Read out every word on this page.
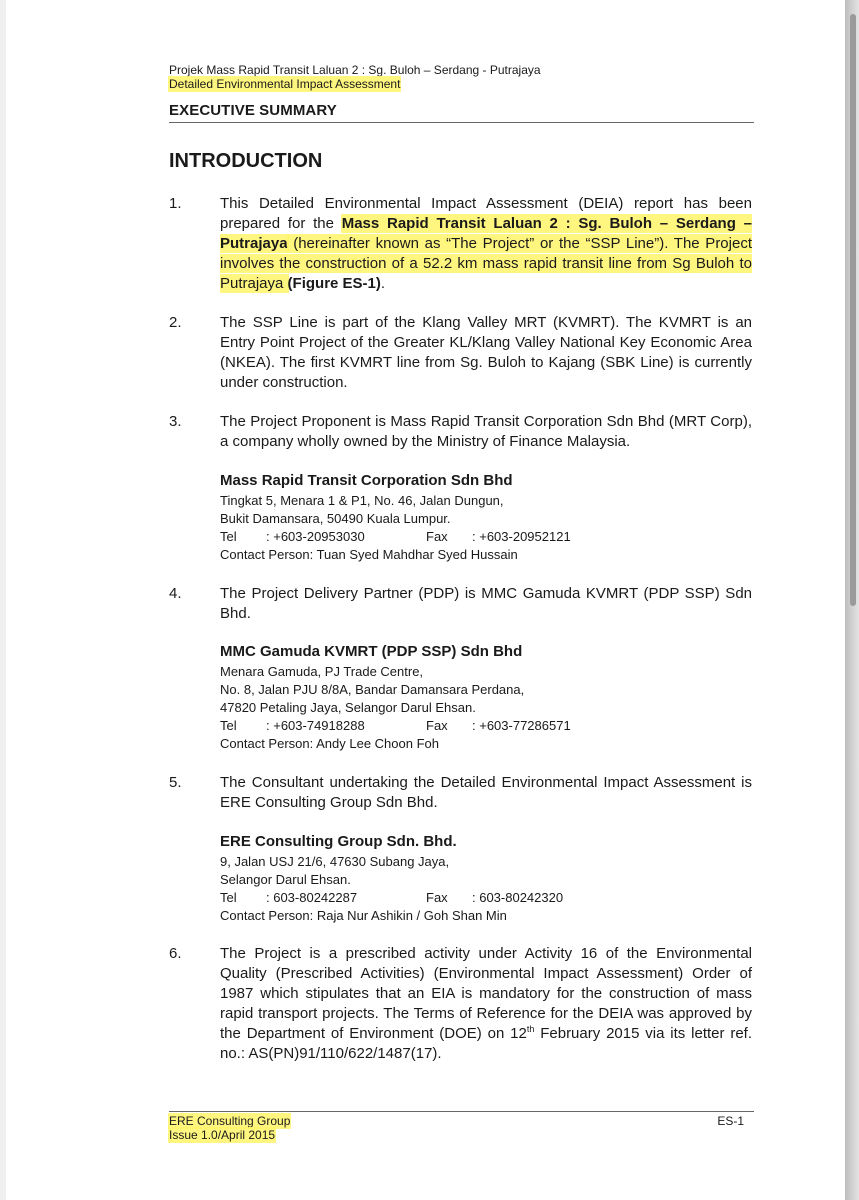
Projek Mass Rapid Transit Laluan 2 : Sg. Buloh – Serdang - Putrajaya
Detailed Environmental Impact Assessment
EXECUTIVE SUMMARY
INTRODUCTION
1.	This Detailed Environmental Impact Assessment (DEIA) report has been prepared for the Mass Rapid Transit Laluan 2 : Sg. Buloh – Serdang – Putrajaya (hereinafter known as “The Project” or the “SSP Line”). The Project involves the construction of a 52.2 km mass rapid transit line from Sg Buloh to Putrajaya (Figure ES-1).
2.	The SSP Line is part of the Klang Valley MRT (KVMRT). The KVMRT is an Entry Point Project of the Greater KL/Klang Valley National Key Economic Area (NKEA). The first KVMRT line from Sg. Buloh to Kajang (SBK Line) is currently under construction.
3.	The Project Proponent is Mass Rapid Transit Corporation Sdn Bhd (MRT Corp), a company wholly owned by the Ministry of Finance Malaysia.
Mass Rapid Transit Corporation Sdn Bhd
Tingkat 5, Menara 1 & P1, No. 46, Jalan Dungun,
Bukit Damansara, 50490 Kuala Lumpur.
Tel : +603-20953030	Fax : +603-20952121
Contact Person: Tuan Syed Mahdhar Syed Hussain
4.	The Project Delivery Partner (PDP) is MMC Gamuda KVMRT (PDP SSP) Sdn Bhd.
MMC Gamuda KVMRT (PDP SSP) Sdn Bhd
Menara Gamuda, PJ Trade Centre,
No. 8, Jalan PJU 8/8A, Bandar Damansara Perdana,
47820 Petaling Jaya, Selangor Darul Ehsan.
Tel : +603-74918288	Fax : +603-77286571
Contact Person: Andy Lee Choon Foh
5.	The Consultant undertaking the Detailed Environmental Impact Assessment is ERE Consulting Group Sdn Bhd.
ERE Consulting Group Sdn. Bhd.
9, Jalan USJ 21/6, 47630 Subang Jaya,
Selangor Darul Ehsan.
Tel : 603-80242287	Fax : 603-80242320
Contact Person: Raja Nur Ashikin / Goh Shan Min
6.	The Project is a prescribed activity under Activity 16 of the Environmental Quality (Prescribed Activities) (Environmental Impact Assessment) Order of 1987 which stipulates that an EIA is mandatory for the construction of mass rapid transport projects. The Terms of Reference for the DEIA was approved by the Department of Environment (DOE) on 12th February 2015 via its letter ref. no.: AS(PN)91/110/622/1487(17).
ERE Consulting Group
Issue 1.0/April 2015
ES-1
